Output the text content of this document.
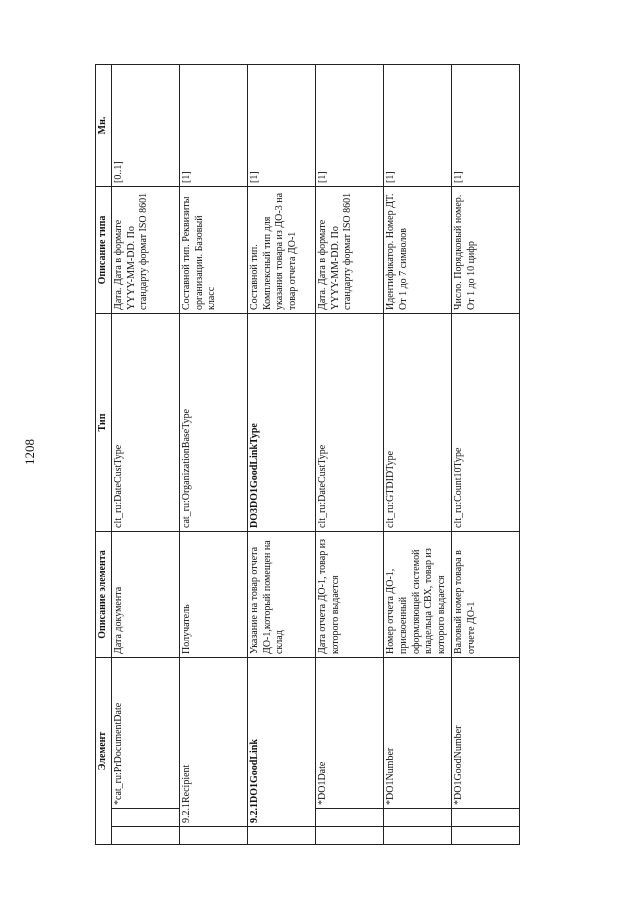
1208
Элемент			Описание элемента	Тип	Описание типа	Мн.
		*cat_ru:PrDocumentDate	Дата документа	clt_ru:DateCustType	Дата. Дата в формате YYYY-MM-DD. По стандарту формат ISO 8601	[0..1]
	9.2.1Recipient		Получатель	cat_ru:OrganizationBaseType	Составной тип. Реквизиты организации. Базовый класс	[1]
	9.2.1DO1GoodLink		Указание на товар отчета ДО-1,который помещен на склад	DO3DO1GoodLinkType	Составной тип. Комплексный тип для указания товара из ДО-3 на товар отчета ДО-1	[1]
		*DO1Date	Дата отчета ДО-1, товар из которого выдается	clt_ru:DateCustType	Дата. Дата в формате YYYY-MM-DD. По стандарту формат ISO 8601	[1]
		*DO1Number	Номер отчета ДО-1, присвоенный оформляющей системой владельца СВХ, товар из которого выдается	clt_ru:GTDIDType	Идентификатор. Номер ДТ. От 1 до 7 символов	[1]
		*DO1GoodNumber	Валовый номер товара в отчете ДО-1	clt_ru:Count10Type	Число. Порядковый номер. От 1 до 10 цифр	[1]
